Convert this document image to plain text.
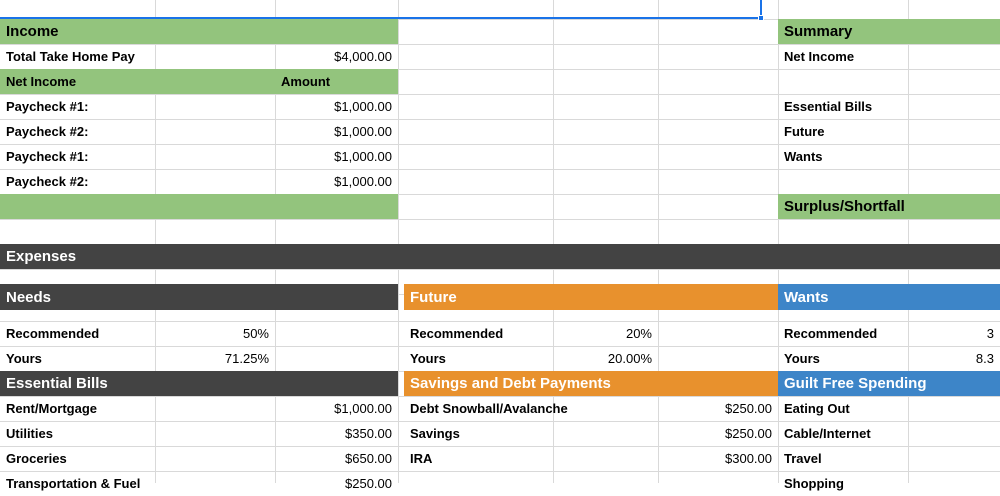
Income
Total Take Home Pay	$4,000.00
Net Income	Amount
Paycheck #1:	$1,000.00
Paycheck #2:	$1,000.00
Paycheck #1:	$1,000.00
Paycheck #2:	$1,000.00
Summary
Net Income
Essential Bills
Future
Wants
Surplus/Shortfall
Expenses
Needs
Recommended	50%
Yours	71.25%
Essential Bills
Rent/Mortgage	$1,000.00
Utilities	$350.00
Groceries	$650.00
Transportation & Fuel	$250.00
Future
Recommended	20%
Yours	20.00%
Savings and Debt Payments
Debt Snowball/Avalanche	$250.00
Savings	$250.00
IRA	$300.00
Wants
Recommended	3
Yours	8.3
Guilt Free Spending
Eating Out
Cable/Internet
Travel
Shopping
